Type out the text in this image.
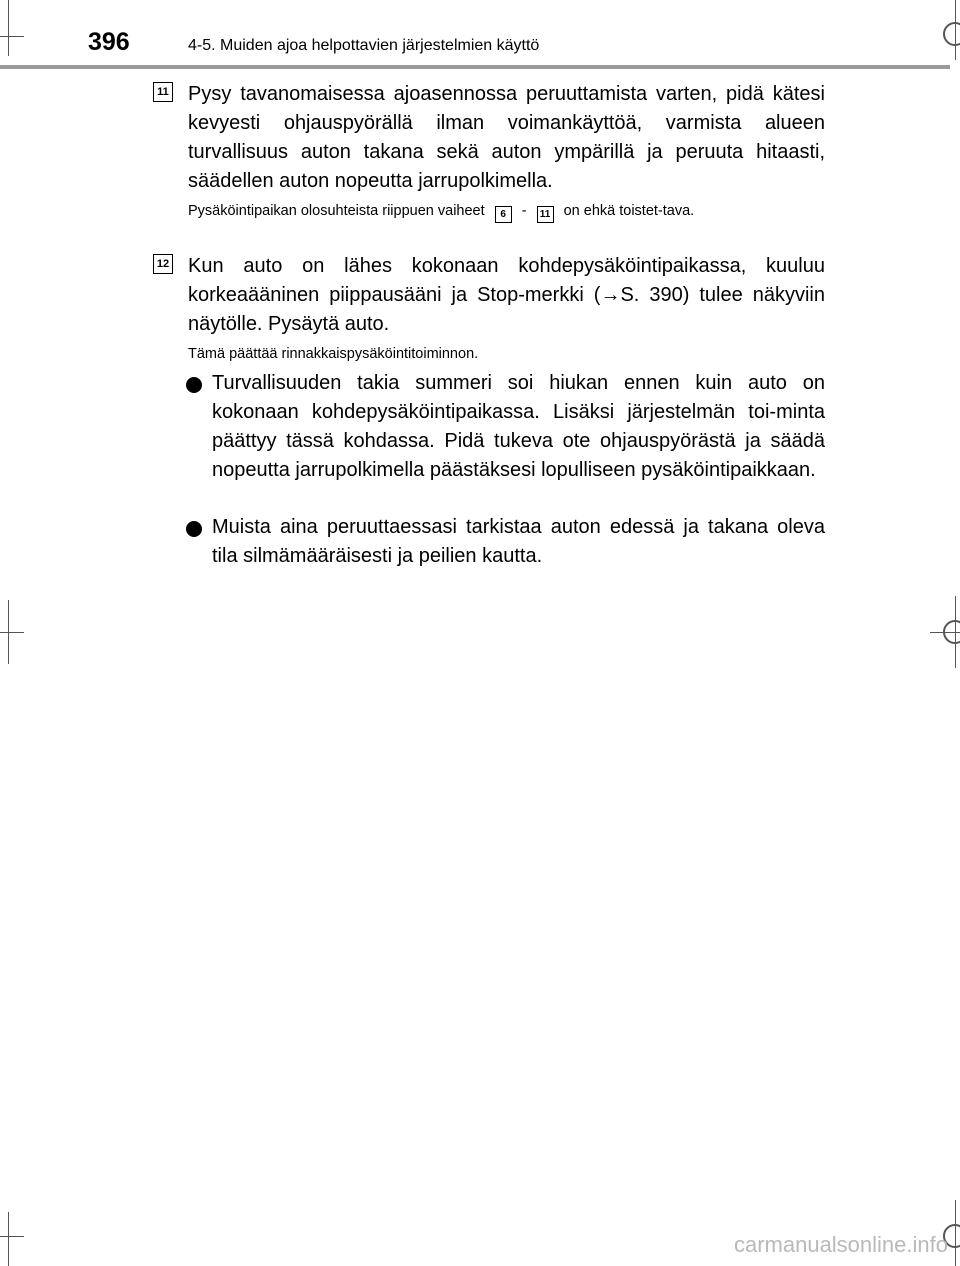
396	4-5. Muiden ajoa helpottavien järjestelmien käyttö
11 Pysy tavanomaisessa ajoasennossa peruuttamista varten, pidä kätesi kevyesti ohjauspyörällä ilman voimankäyttöä, varmista alueen turvallisuus auton takana sekä auton ympärillä ja peruuta hitaasti, säädellen auton nopeutta jarrupolkimella.
Pysäköintipaikan olosuhteista riippuen vaiheet 6 - 11 on ehkä toistet-tava.
12 Kun auto on lähes kokonaan kohdepysäköintipaikassa, kuuluu korkeaääninen piippausääni ja Stop-merkki (→S. 390) tulee näkyviin näytölle. Pysäytä auto.
Tämä päättää rinnakkaispysäköintitoiminnon.
Turvallisuuden takia summeri soi hiukan ennen kuin auto on kokonaan kohdepysäköintipaikassa. Lisäksi järjestelmän toi-minta päättyy tässä kohdassa. Pidä tukeva ote ohjauspyörästä ja säädä nopeutta jarrupolkimella päästäksesi lopulliseen pysäköintipaikkaan.
Muista aina peruuttaessasi tarkistaa auton edessä ja takana oleva tila silmämääräisesti ja peilien kautta.
carmanualsonline.info
